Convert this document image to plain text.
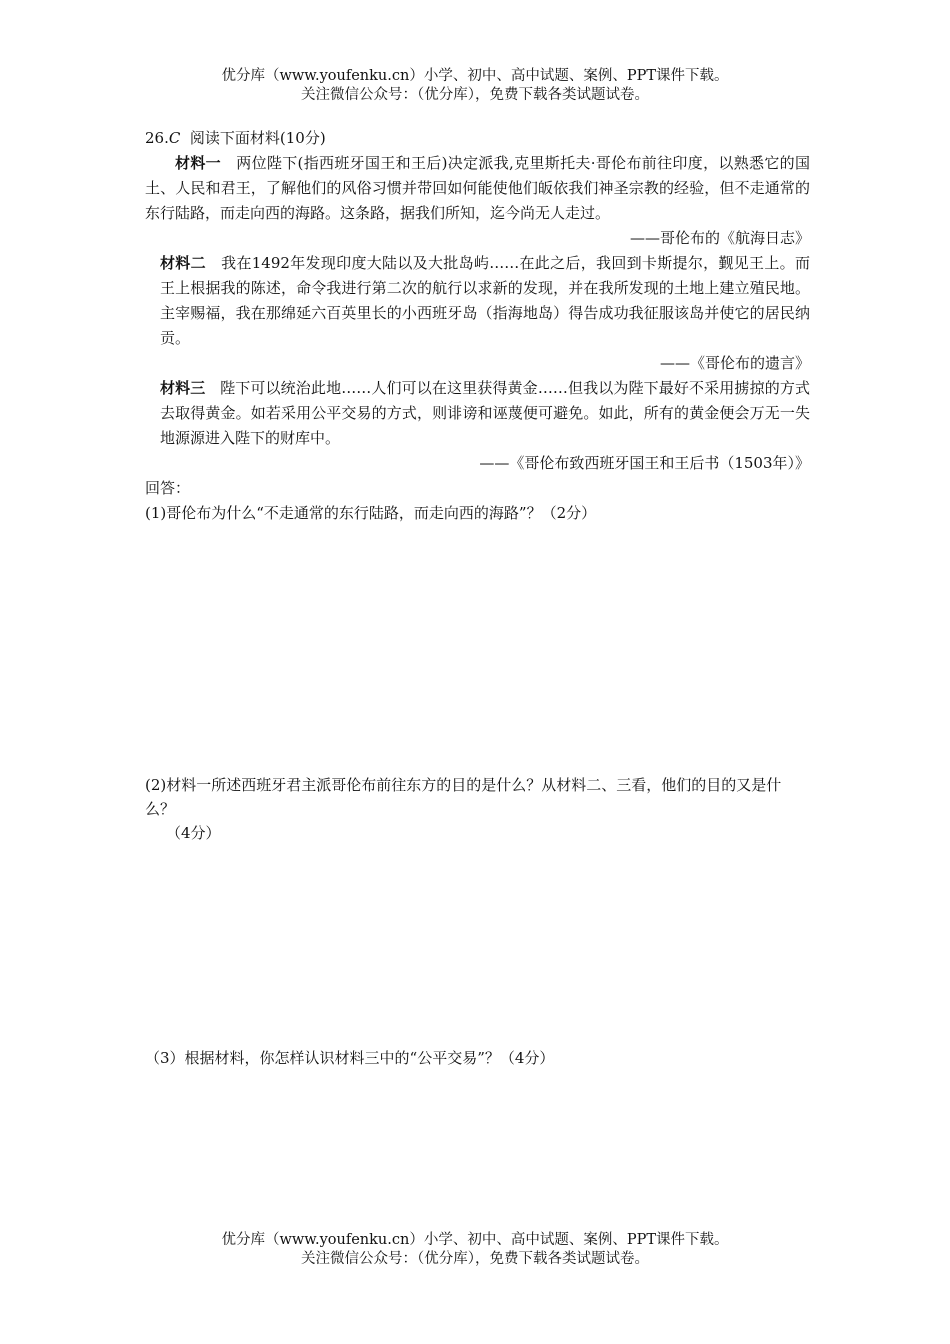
优分库（www.youfenku.cn）小学、初中、高中试题、案例、PPT课件下载。
关注微信公众号：（优分库），免费下载各类试题试卷。

26.C 阅读下面材料(10分)

材料一 两位陛下(指西班牙国王和王后)决定派我,克里斯托夫·哥伦布前往印度，以熟悉它的国土、人民和君王，了解他们的风俗习惯并带回如何能使他们皈依我们神圣宗教的经验，但不走通常的东行陆路，而走向西的海路。这条路，据我们所知，迄今尚无人走过。

——哥伦布的《航海日志》

材料二 我在1492年发现印度大陆以及大批岛屿……在此之后，我回到卡斯提尔，觐见王上。而王上根据我的陈述，命令我进行第二次的航行以求新的发现，并在我所发现的土地上建立殖民地。主宰赐福，我在那绵延六百英里长的小西班牙岛（指海地岛）得告成功我征服该岛并使它的居民纳贡。

——《哥伦布的遗言》

材料三 陛下可以统治此地……人们可以在这里获得黄金……但我以为陛下最好不采用掳掠的方式去取得黄金。如若采用公平交易的方式，则诽谤和诬蔑便可避免。如此，所有的黄金便会万无一失地源源进入陛下的财库中。

——《哥伦布致西班牙国王和王后书（1503年）》

回答：

(1)哥伦布为什么“不走通常的东行陆路，而走向西的海路”？（2分）

(2)材料一所述西班牙君主派哥伦布前往东方的目的是什么？从材料二、三看，他们的目的又是什么？
（4分）
（3）根据材料，你怎样认识材料三中的“公平交易”？（4分）
优分库（www.youfenku.cn）小学、初中、高中试题、案例、PPT课件下载。
关注微信公众号：（优分库），免费下载各类试题试卷。
